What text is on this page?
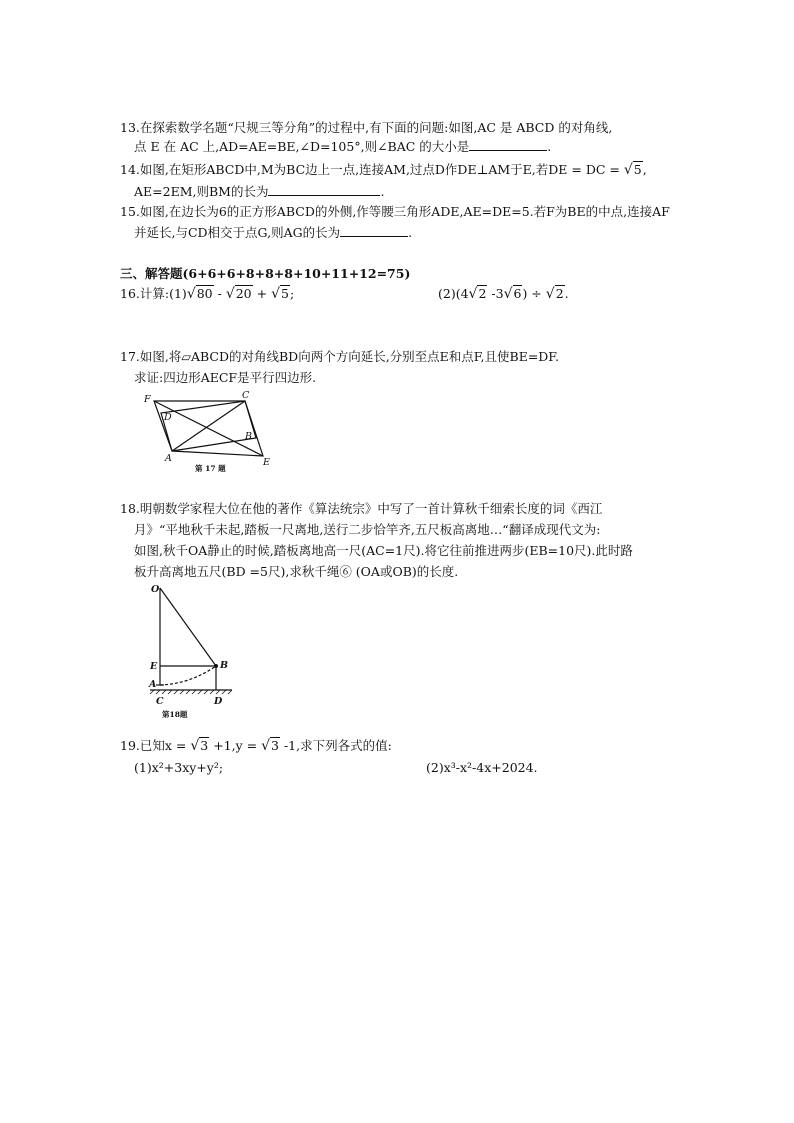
13.在探索数学名题“尺规三等分角”的过程中,有下面的问题:如图,AC 是 ABCD 的对角线,
点 E 在 AC 上,AD=AE=BE,∠D=105°,则∠BAC 的大小是	.
14.如图,在矩形ABCD中,M为BC边上一点,连接AM,过点D作DE⊥AM于E,若DE = DC = √5,
AE=2EM,则BM的长为	.
15.如图,在边长为6的正方形ABCD的外侧,作等腰三角形ADE,AE=DE=5.若F为BE的中点,连接AF
并延长,与CD相交于点G,则AG的长为	.
三、解答题(6+6+6+8+8+8+10+11+12=75)
16.计算:(1)√80 - √20 + √5;	(2)(4√2 -3√6) ÷ √2.
17.如图,将▱ABCD的对角线BD向两个方向延长,分别至点E和点F,且使BE=DF.
求证:四边形AECF是平行四边形.
F	C
D
B
A	E
第 17 题
18.明朝数学家程大位在他的著作《算法统宗》中写了一首计算秋千细索长度的词《西江
月》“平地秋千未起,踏板一尺离地,送行二步恰竿齐,五尺板高离地…“翻译成现代文为:
如图,秋千OA静止的时候,踏板离地高一尺(AC=1尺).将它往前推进两步(EB=10尺).此时路
板升高离地五尺(BD =5尺),求秋千绳⑥ (OA或OB)的长度.
O
E	B
A
C	D
第18题
19.已知x = √3 +1,y = √3 -1,求下列各式的值:
(1)x²+3xy+y²;	(2)x³-x²-4x+2024.
